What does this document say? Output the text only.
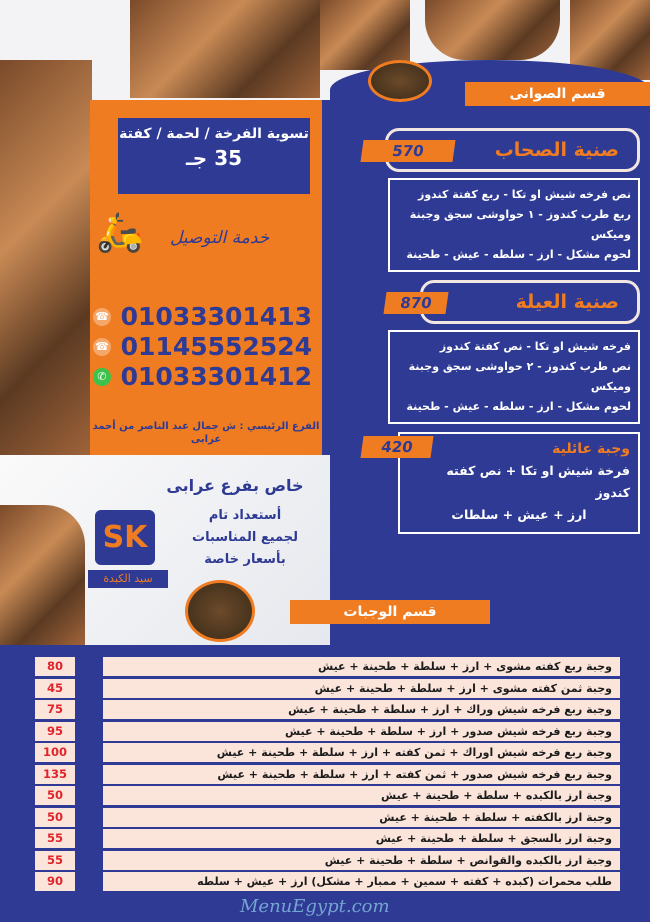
تسوية الفرخة / لحمة / كفتة
35 جـ
🛵 خدمة التوصيل
☎ 01033301413
☎ 01145552524
✆ 01033301412
الفرع الرئيسي : ش جمال عبد الناصر من أحمد عرابى
خاص بفرع عرابى
أستعداد تام
لجميع المناسبات
بأسعار خاصة
SK
سيد الكبدة
قسم الصوانى
صنية الصحاب
570
نص فرخه شيش او تكا - ربع كفتة كندوز
ربع طرب كندوز - ١ حواوشى سجق وجبنة وميكس
لحوم مشكل - ارز - سلطه - عيش - طحينة
صنية العيلة
870
فرخه شيش او تكا - نص كفتة كندوز
نص طرب كندوز - ٢ حواوشى سجق وجبنة وميكس
لحوم مشكل - ارز - سلطه - عيش - طحينة
وجبة عائلية
فرخة شيش او تكا + نص كفته كندوز
ارز + عيش + سلطات
420
قسم الوجبات
80	وجبة ربع كفته مشوى + ارز + سلطة + طحينة + عيش
45	وجبة ثمن كفته مشوى + ارز + سلطة + طحينة + عيش
75	وجبة ربع فرخه شيش وراك + ارز + سلطة + طحينة + عيش
95	وجبة ربع فرخه شيش صدور + ارز + سلطة + طحينة + عيش
100	وجبة ربع فرخه شيش اوراك + ثمن كفته + ارز + سلطة + طحينة + عيش
135	وجبة ربع فرخه شيش صدور + ثمن كفته + ارز + سلطة + طحينة + عيش
50	وجبة ارز بالكبده + سلطة + طحينة + عيش
50	وجبة ارز بالكفته + سلطة + طحينة + عيش
55	وجبة ارز بالسجق + سلطة + طحينة + عيش
55	وجبة ارز بالكبده والقوانص + سلطة + طحينة + عيش
90	طلب محمرات (كبده + كفته + سمين + ممبار + مشكل) ارز + عيش + سلطه
MenuEgypt.com
